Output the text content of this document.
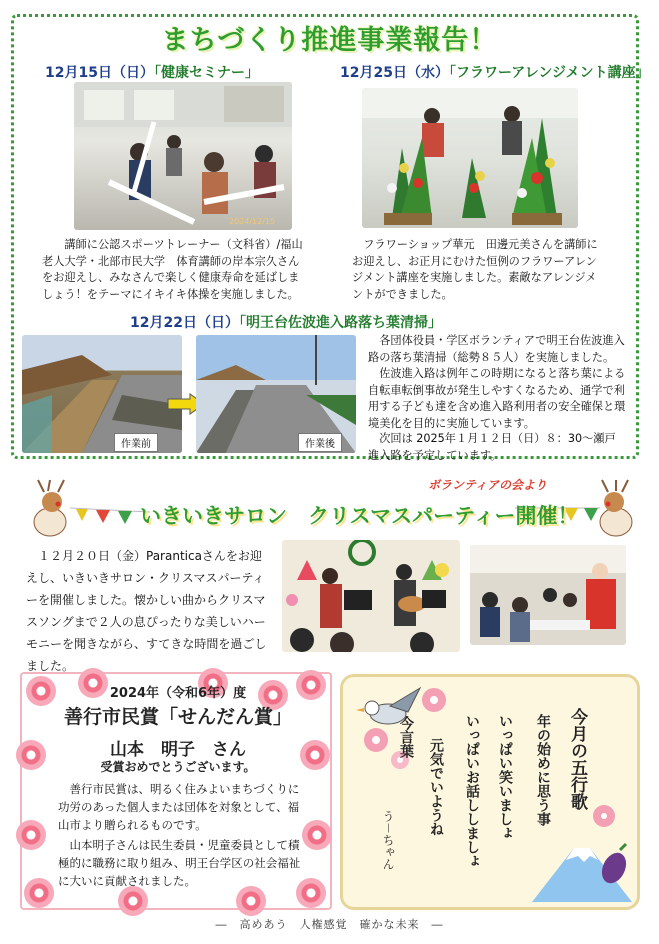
まちづくり推進事業報告！
12月15日（日）「健康セミナー」
2024/12/15
講師に公認スポーツトレーナー（文科省）/福山老人大学・北部市民大学　体育講師の岸本宗久さんをお迎えし、みなさんで楽しく健康寿命を延ばしましょう！をテーマにイキイキ体操を実施しました。
12月25日（水）「フラワーアレンジメント講座」
フラワーショップ華元　田邊元美さんを講師にお迎えし、お正月にむけた恒例のフラワーアレンジメント講座を実施しました。素敵なアレンジメントができました。
12月22日（日）「明王台佐波進入路落ち葉清掃」
作業前	作業後
各団体役員・学区ボランティアで明王台佐波進入路の落ち葉清掃（総勢８５人）を実施しました。
佐波進入路は例年この時期になると落ち葉による自転車転倒事故が発生しやすくなるため、通学で利用する子ども達を含め進入路利用者の安全確保と環境美化を目的に実施しています。
次回は 2025年１月１２日（日）８：30～瀬戸進入路を予定しています。
ボランティアの会より
いきいきサロン　クリスマスパーティー開催！
１２月２０日（金）Paranticaさんをお迎えし、いきいきサロン・クリスマスパーティーを開催しました。懐かしい曲からクリスマスソングまで２人の息ぴったりな美しいハーモニーを聞きながら、すてきな時間を過ごしました。
2024年（令和6年）度
善行市民賞「せんだん賞」
山本　明子　さん
受賞おめでとうございます。
善行市民賞は、明るく住みよいまちづくりに功労のあった個人または団体を対象として、福山市より贈られるものです。
山本明子さんは民生委員・児童委員として積極的に職務に取り組み、明王台学区の社会福祉に大いに貢献されました。
今月の五行歌
年の始めに思う事
いっぱい笑いましょ
いっぱいお話ししましょ
元気でいようね
今言葉
う－ちゃん
―　高めあう　人権感覚　確かな未来　―
